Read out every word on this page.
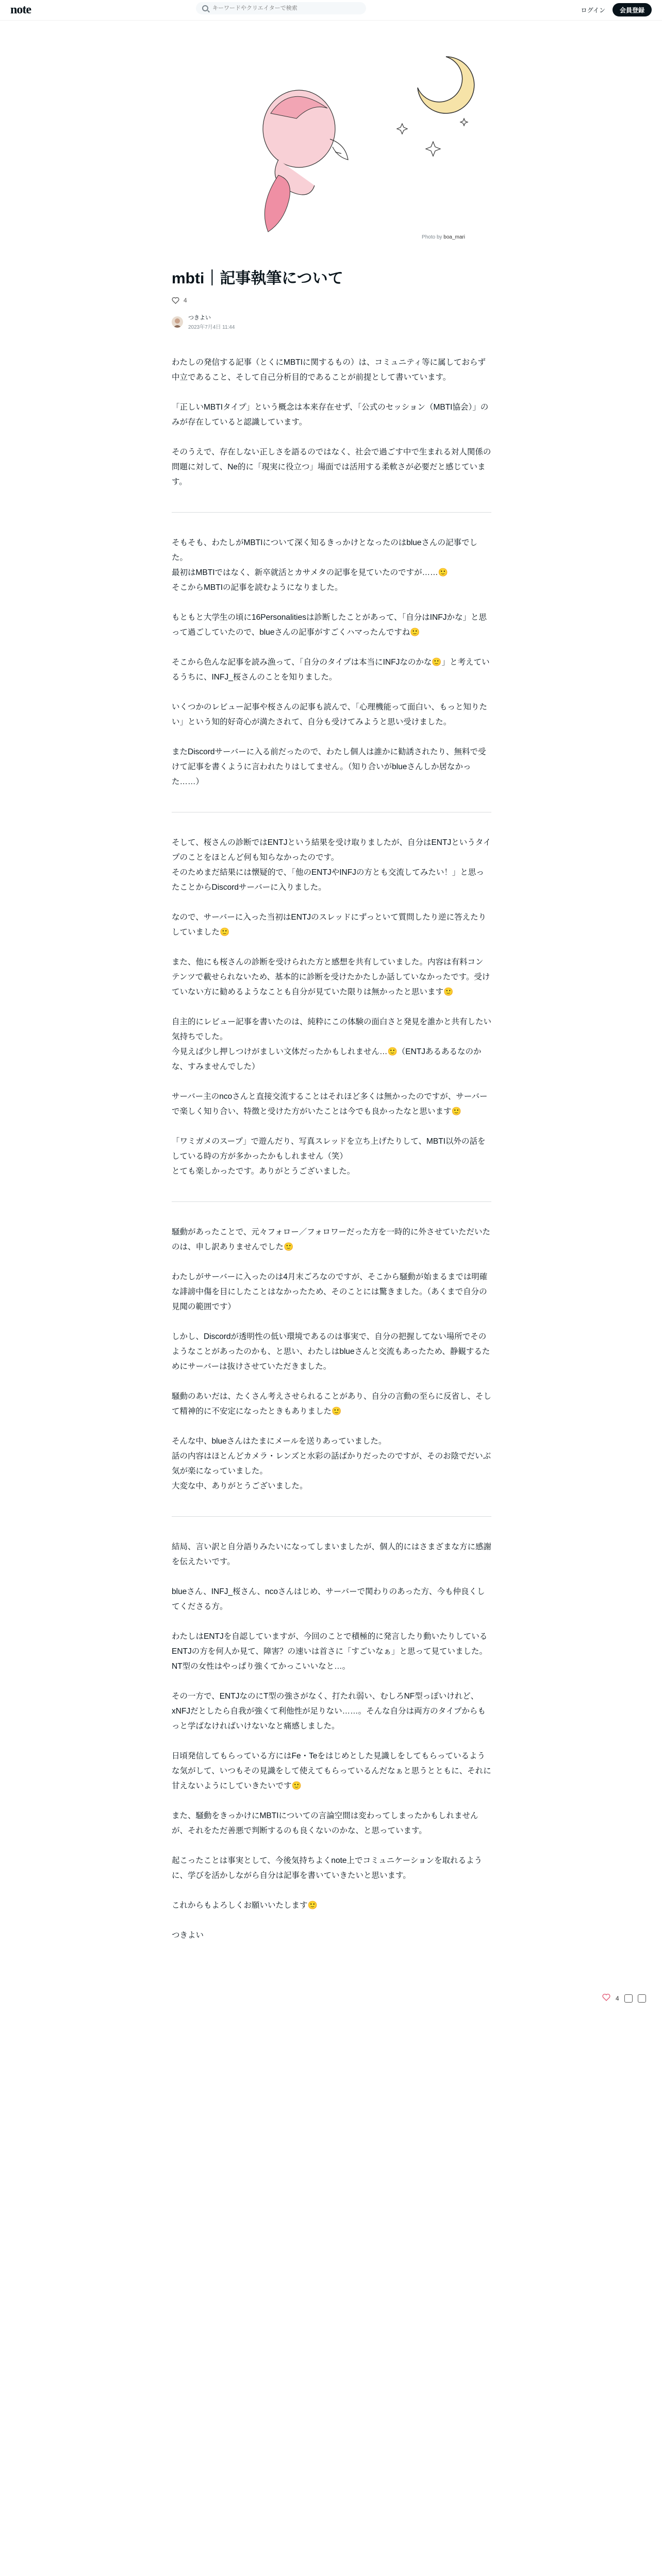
note
キーワードやクリエイターで検索	ログイン	会員登録
Photo by boa_mari
mbti｜記事執筆について
4
つきよい
2023年7月4日 11:44

わたしの発信する記事（とくにMBTIに関するもの）は、コミュニティ等に属しておらず中立であること、そして自己分析目的であることが前提として書いています。

「正しいMBTIタイプ」という概念は本来存在せず、「公式のセッション（MBTI協会）」のみが存在していると認識しています。

そのうえで、存在しない正しさを語るのではなく、社会で過ごす中で生まれる対人関係の問題に対して、Ne的に「現実に役立つ」場面では活用する柔軟さが必要だと感じています。

そもそも、わたしがMBTIについて深く知るきっかけとなったのはblueさんの記事でした。
最初はMBTIではなく、新卒就活とカサメタの記事を見ていたのですが……🙂
そこからMBTIの記事を読むようになりました。

もともと大学生の頃に16Personalitiesは診断したことがあって、「自分はINFJかな」と思って過ごしていたので、blueさんの記事がすごくハマったんですね🙂

そこから色んな記事を読み漁って、「自分のタイプは本当にINFJなのかな🙂」と考えているうちに、INFJ_桜さんのことを知りました。

いくつかのレビュー記事や桜さんの記事も読んで、「心理機能って面白い、もっと知りたい」という知的好奇心が満たされて、自分も受けてみようと思い受けました。

またDiscordサーバーに入る前だったので、わたし個人は誰かに勧誘されたり、無料で受けて記事を書くように言われたりはしてません。（知り合いがblueさんしか居なかった……）

そして、桜さんの診断ではENTJという結果を受け取りましたが、自分はENTJというタイプのことをほとんど何も知らなかったのです。
そのためまだ結果には懐疑的で、「他のENTJやINFJの方とも交流してみたい！」と思ったことからDiscordサーバーに入りました。

なので、サーバーに入った当初はENTJのスレッドにずっといて質問したり逆に答えたりしていました🙂

また、他にも桜さんの診断を受けられた方と感想を共有していました。内容は有料コンテンツで載せられないため、基本的に診断を受けたかたしか話していなかったです。受けていない方に勧めるようなことも自分が見ていた限りは無かったと思います🙂

自主的にレビュー記事を書いたのは、純粋にこの体験の面白さと発見を誰かと共有したい気持ちでした。
今見えば少し押しつけがましい文体だったかもしれません…🙂（ENTJあるあるなのかな、すみませんでした）

サーバー主のncoさんと直接交流することはそれほど多くは無かったのですが、サーバーで楽しく知り合い、特徴と受けた方がいたことは今でも良かったなと思います🙂

「ワミガメのスープ」で遊んだり、写真スレッドを立ち上げたりして、MBTI以外の話をしている時の方が多かったかもしれません（笑）
とても楽しかったです。ありがとうございました。

騒動があったことで、元々フォロー／フォロワーだった方を一時的に外させていただいたのは、申し訳ありませんでした🙂

わたしがサーバーに入ったのは4月末ごろなのですが、そこから騒動が始まるまでは明確な誹謗中傷を目にしたことはなかったため、そのことには驚きました。（あくまで自分の見聞の範囲です）

しかし、Discordが透明性の低い環境であるのは事実で、自分の把握してない場所でそのようなことがあったのかも、と思い、わたしはblueさんと交流もあったため、静観するためにサーバーは抜けさせていただきました。

騒動のあいだは、たくさん考えさせられることがあり、自分の言動の至らに反省し、そして精神的に不安定になったときもありました🙂

そんな中、blueさんはたまにメールを送りあっていました。
話の内容はほとんどカメラ・レンズと水彩の話ばかりだったのですが、そのお陰でだいぶ気が楽になっていました。
大変な中、ありがとうございました。

結局、言い訳と自分語りみたいになってしまいましたが、個人的にはさまざまな方に感謝を伝えたいです。

blueさん、INFJ_桜さん、ncoさんはじめ、サーバーで関わりのあった方、今も仲良くしてくださる方。

わたしはENTJを自認していますが、今回のことで積極的に発言したり動いたりしているENTJの方を何人か見て、障害？の速いは首さに「すごいなぁ」と思って見ていました。NT型の女性はやっぱり強くてかっこいいなと…。

その一方で、ENTJなのにT型の強さがなく、打たれ弱い、むしろNF型っぽいけれど、xNFJだとしたら自我が強くて利他性が足りない……。そんな自分は両方のタイプからもっと学ばなければいけないなと痛感しました。

日頃発信してもらっている方にはFe・Teをはじめとした見識しをしてもらっているような気がして、いつもその見識をして使えてもらっているんだなぁと思うとともに、それに甘えないようにしていきたいです🙂

また、騒動をきっかけにMBTIについての言論空間は変わってしまったかもしれませんが、それをただ善悪で判断するのも良くないのかな、と思っています。

起こったことは事実として、今後気持ちよくnote上でコミュニケーションを取れるように、学びを活かしながら自分は記事を書いていきたいと思います。

これからもよろしくお願いいたします🙂

つきよい

4
